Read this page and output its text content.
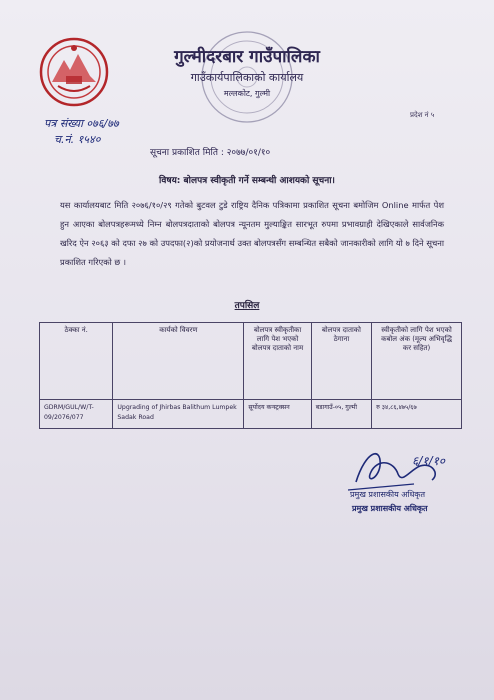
गुल्मीदरबार गाउँपालिका
गाउँकार्यपालिकाको कार्यालय
मल्लकोट, गुल्मी
प्रदेश नं ५
पत्र संख्या ०७६/७७
च.नं. १५४०
सूचना प्रकाशित मिति : २०७७/०१/१०
विषय: बोलपत्र स्वीकृती गर्ने सम्बन्धी आशयको सूचना।
यस कार्यालयबाट मिति २०७६/१०/२९ गतेको बुटवल टुडे राष्ट्रिय दैनिक पत्रिकामा प्रकाशित सूचना बमोजिम Online मार्फत पेश हुन आएका बोलपत्रहरूमध्ये निम्न बोलपत्रदाताको बोलपत्र न्यूनतम मुल्याङ्कित सारभूत रुपमा प्रभावग्राही देखिएकाले सार्वजनिक खरिद ऐन २०६३ को दफा २७ को उपदफा(२)को प्रयोजनार्थ उक्त बोलपत्रसँग सम्बन्धित सबैको जानकारीको लागि यो ७ दिने सूचना प्रकाशित गरिएको छ ।
तपसिल
ठेक्का नं.	कार्यको विवरण	बोलपत्र स्वीकृतीका लागि पेश भएको बोलपत्र दाताको नाम	बोलपत्र दाताको ठेगाना	स्वीकृतीको लागि पेश भएको कबोल अंक (मूल्य अभिवृद्धि कर सहित)
GDRM/GUL/W/T-09/2076/077	Upgrading of Jhirbas Balithum Lumpek Sadak Road	सूर्योदय कन्स्ट्रक्सन	बडागाउँ-०५, गुल्मी	रु ३४,८६,४७५/६७
६/१/१०
प्रमुख प्रशासकीय अधिकृत
प्रमुख प्रशासकीय अधिकृत
